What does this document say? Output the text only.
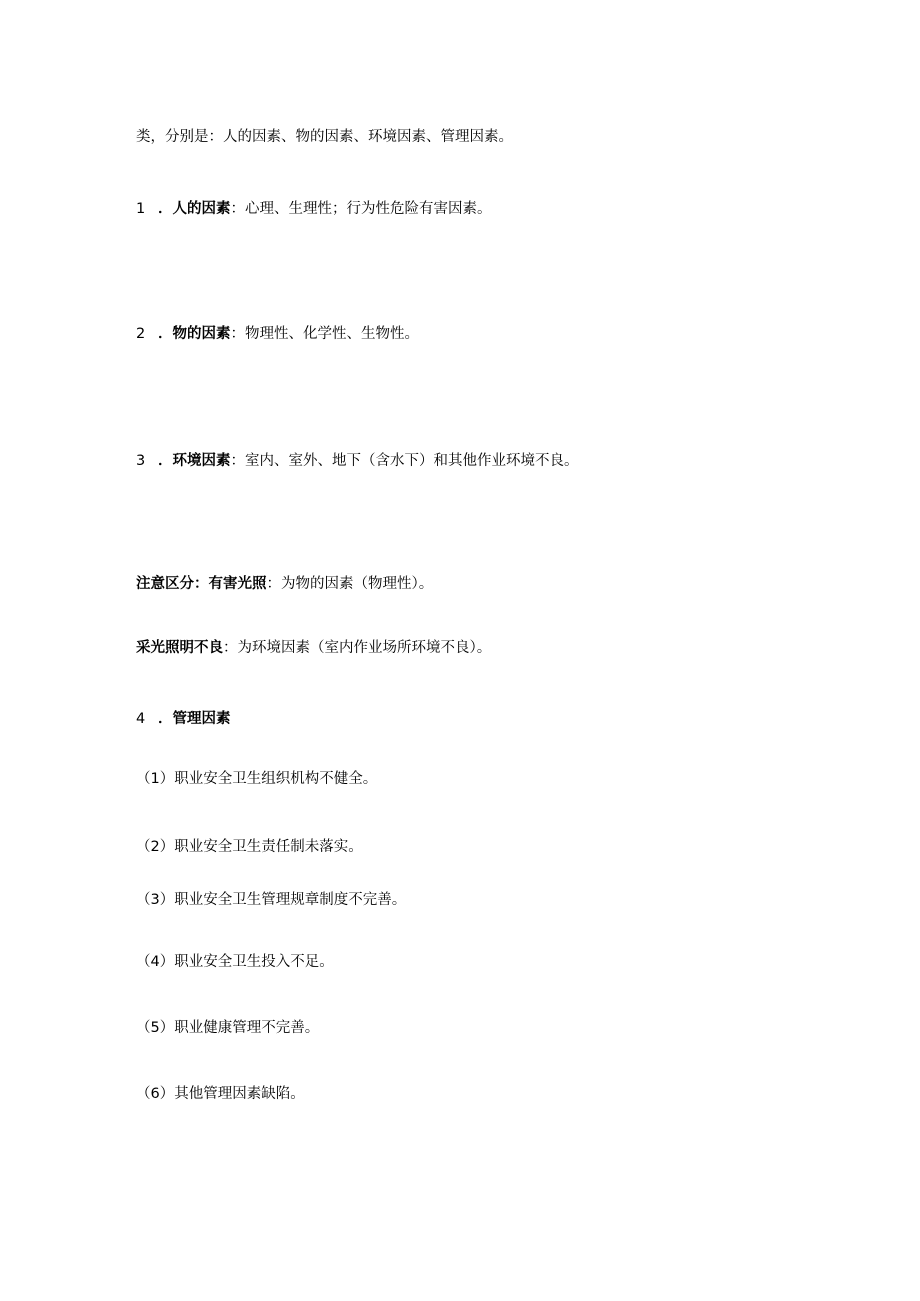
类，分别是：人的因素、物的因素、环境因素、管理因素。
1 ．人的因素：心理、生理性；行为性危险有害因素。
2 ．物的因素：物理性、化学性、生物性。
3 ．环境因素：室内、室外、地下（含水下）和其他作业环境不良。
注意区分：有害光照：为物的因素（物理性）。
采光照明不良：为环境因素（室内作业场所环境不良）。
4 ．管理因素
（1）职业安全卫生组织机构不健全。
（2）职业安全卫生责任制未落实。
（3）职业安全卫生管理规章制度不完善。
（4）职业安全卫生投入不足。
（5）职业健康管理不完善。
（6）其他管理因素缺陷。
